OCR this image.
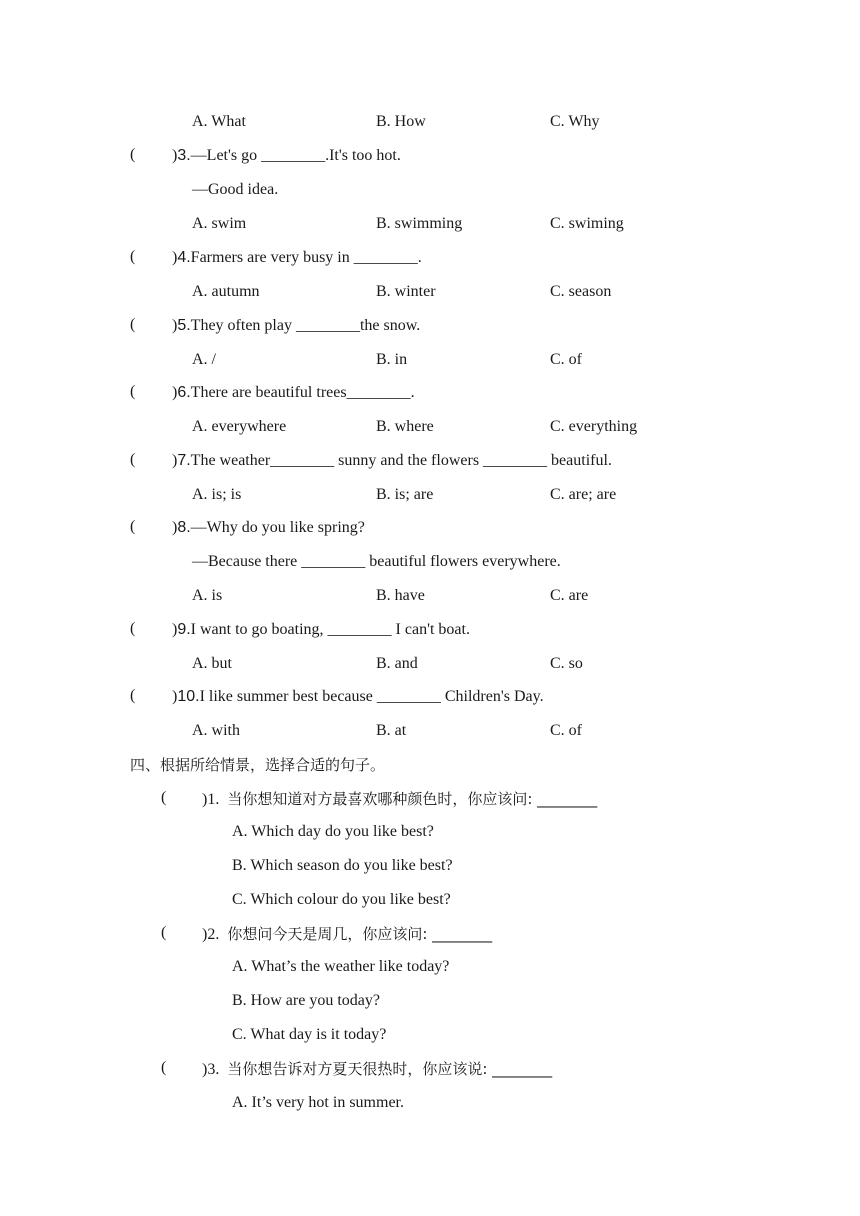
A. What	B. How	C. Why
( )3.—Let's go ________.It's too hot.
—Good idea.
A. swim	B. swimming	C. swiming
( )4.Farmers are very busy in ________.
A. autumn	B. winter	C. season
( )5.They often play ________the snow.
A. /	B. in	C. of
( )6.There are beautiful trees________.
A. everywhere	B. where	C. everything
( )7.The weather________ sunny and the flowers ________ beautiful.
A. is; is	B. is; are	C. are; are
( )8.—Why do you like spring?
—Because there ________ beautiful flowers everywhere.
A. is	B. have	C. are
( )9.I want to go boating, ________ I can't boat.
A. but	B. and	C. so
( )10.I like summer best because ________ Children's Day.
A. with	B. at	C. of
四、根据所给情景，选择合适的句子。
( )1. 当你想知道对方最喜欢哪种颜色时，你应该问: ________
A. Which day do you like best?
B. Which season do you like best?
C. Which colour do you like best?
( )2. 你想问今天是周几，你应该问: ________
A. What’s the weather like today?
B. How are you today?
C. What day is it today?
( )3. 当你想告诉对方夏天很热时，你应该说: ________
A. It’s very hot in summer.
